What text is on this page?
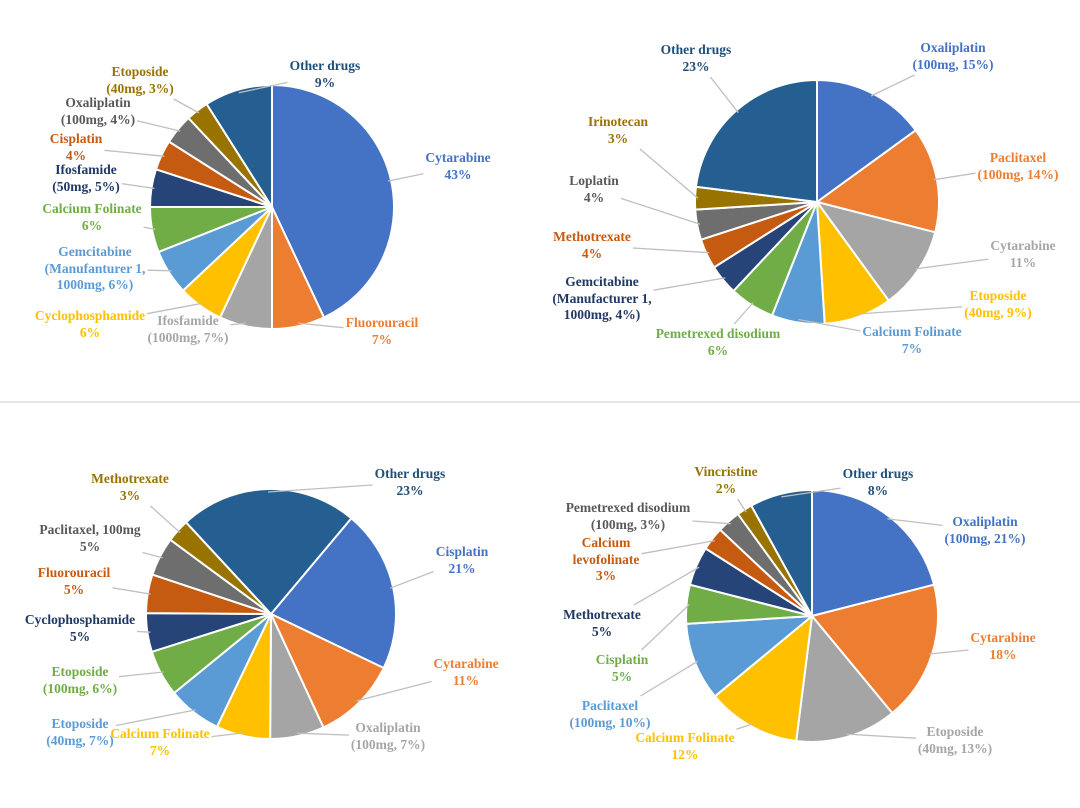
Cytarabine
43%
Fluorouracil
7%
Ifosfamide
(1000mg, 7%)
Cyclophosphamide
6%
Gemcitabine
(Manufanturer 1,
1000mg, 6%)
Calcium Folinate
6%
Ifosfamide
(50mg, 5%)
Cisplatin
4%
Oxaliplatin
(100mg, 4%)
Etoposide
(40mg, 3%)
Other drugs
9%
Oxaliplatin
(100mg, 15%)
Paclitaxel
(100mg, 14%)
Cytarabine
11%
Etoposide
(40mg, 9%)
Calcium Folinate
7%
Pemetrexed disodium
6%
Gemcitabine
(Manufacturer 1,
1000mg, 4%)
Methotrexate
4%
Loplatin
4%
Irinotecan
3%
Other drugs
23%
Cisplatin
21%
Cytarabine
11%
Oxaliplatin
(100mg, 7%)
Calcium Folinate
7%
Etoposide
(40mg, 7%)
Etoposide
(100mg, 6%)
Cyclophosphamide
5%
Fluorouracil
5%
Paclitaxel, 100mg
5%
Methotrexate
3%
Other drugs
23%
Oxaliplatin
(100mg, 21%)
Cytarabine
18%
Etoposide
(40mg, 13%)
Calcium Folinate
12%
Paclitaxel
(100mg, 10%)
Cisplatin
5%
Methotrexate
5%
Calcium
levofolinate
3%
Pemetrexed disodium
(100mg, 3%)
Vincristine
2%
Other drugs
8%
